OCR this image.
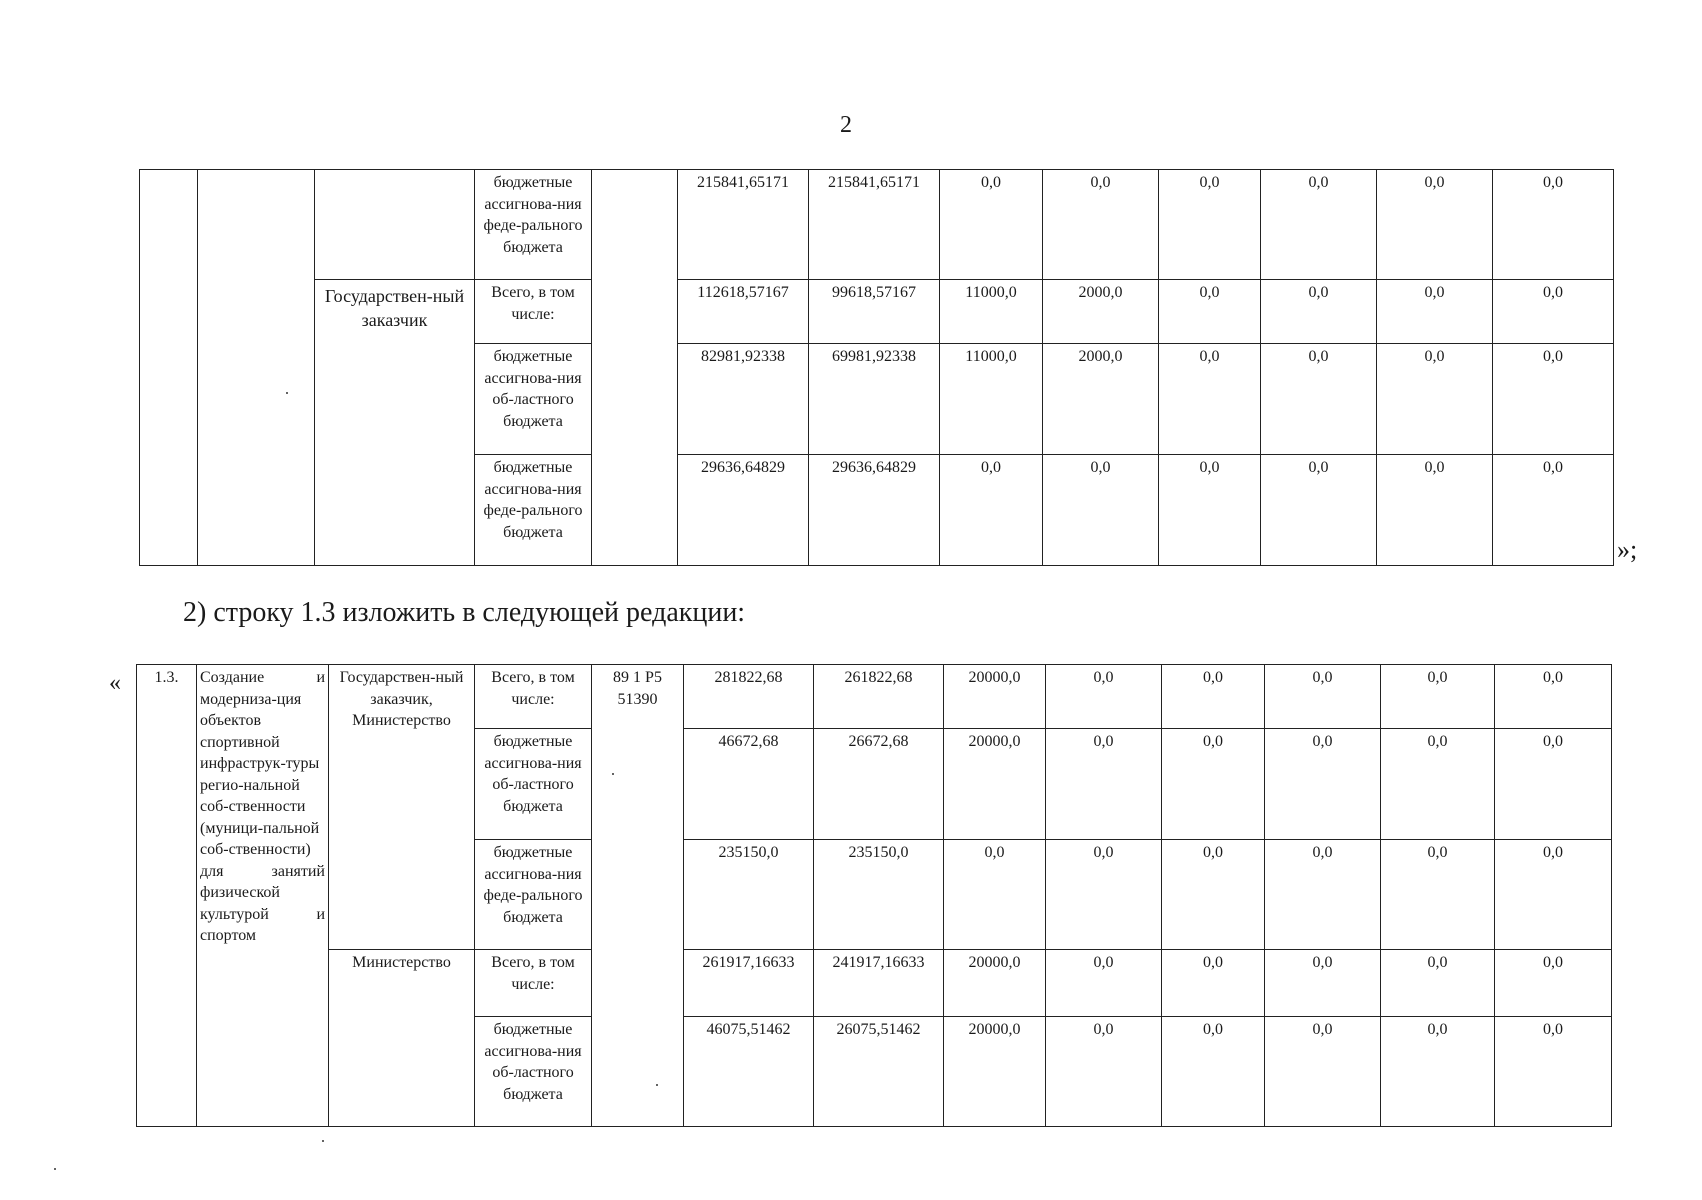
2
			бюджетные ассигнова-ния феде-рального бюджета		215841,65171	215841,65171	0,0	0,0	0,0	0,0	0,0	0,0
		Государствен-ный заказчик	Всего, в том числе:		112618,57167	99618,57167	11000,0	2000,0	0,0	0,0	0,0	0,0
			бюджетные ассигнова-ния об-ластного бюджета		82981,92338	69981,92338	11000,0	2000,0	0,0	0,0	0,0	0,0
			бюджетные ассигнова-ния феде-рального бюджета		29636,64829	29636,64829	0,0	0,0	0,0	0,0	0,0	0,0
»;
2) строку 1.3 изложить в следующей редакции:
« 1.3.	Создание и модерниза-ция объектов спортивной инфраструк-туры регио-нальной соб-ственности (муници-пальной соб-ственности) для занятий физической культурой и спортом	Государствен-ный заказчик, Министерство	Всего, в том числе:	89 1 P5 51390	281822,68	261822,68	20000,0	0,0	0,0	0,0	0,0	0,0
			бюджетные ассигнова-ния об-ластного бюджета		46672,68	26672,68	20000,0	0,0	0,0	0,0	0,0	0,0
			бюджетные ассигнова-ния феде-рального бюджета		235150,0	235150,0	0,0	0,0	0,0	0,0	0,0	0,0
		Министерство	Всего, в том числе:		261917,16633	241917,16633	20000,0	0,0	0,0	0,0	0,0	0,0
			бюджетные ассигнова-ния об-ластного бюджета		46075,51462	26075,51462	20000,0	0,0	0,0	0,0	0,0	0,0
